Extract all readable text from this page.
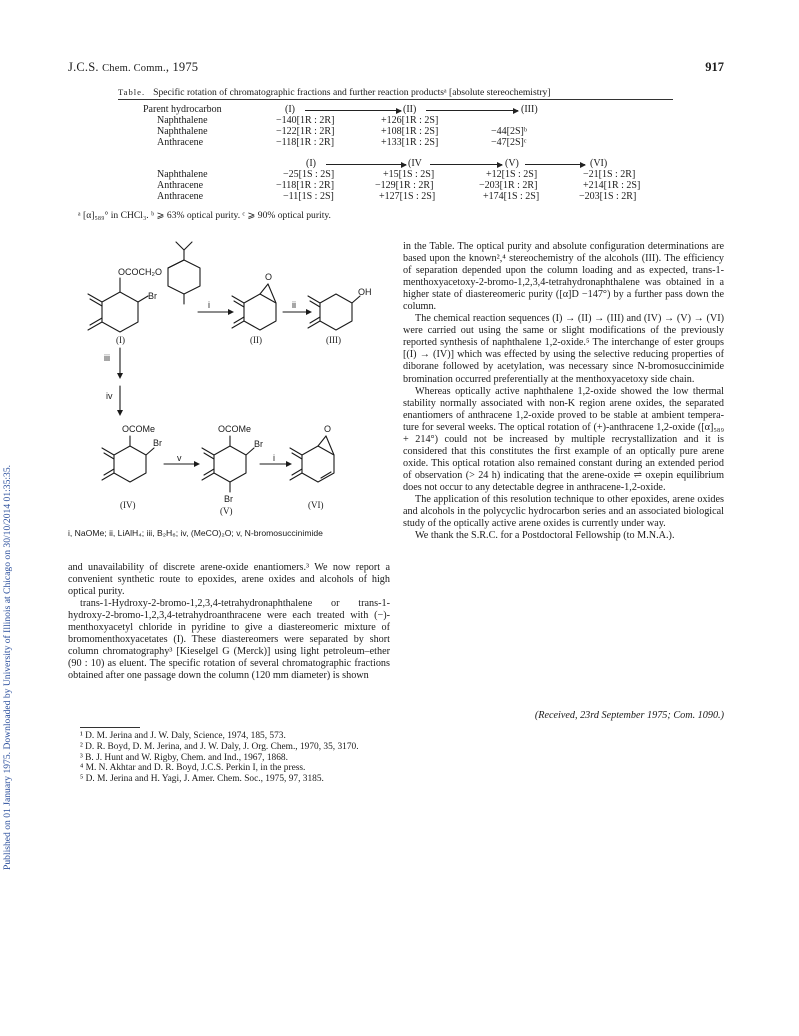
Published on 01 January 1975. Downloaded by University of Illinois at Chicago on 30/10/2014 01:35:35.
J.C.S. Chem. Comm., 1975	917
Table. Specific rotation of chromatographic fractions and further reaction productsᵃ [absolute stereochemistry]
Parent hydrocarbon	(I)	(II)	(III)
Naphthalene	−140[1R : 2R]	+126[1R : 2S]
Naphthalene	−122[1R : 2R]	+108[1R : 2S]	−44[2S]ᵇ
Anthracene	−118[1R : 2R]	+133[1R : 2S]	−47[2S]ᶜ
(I)	(IV	(V)	(VI)
Naphthalene	−25[1S : 2S]	+15[1S : 2S]	+12[1S : 2S]	−21[1S : 2R]
Anthracene	−118[1R : 2R]	−129[1R : 2R]	−203[1R : 2R]	+214[1R : 2S]
Anthracene	−11[1S : 2S]	+127[1S : 2S]	+174[1S : 2S]	−203[1S : 2R]
ᵃ [α]₅₈₉° in CHCl₃. ᵇ ⩾ 63% optical purity. ᶜ ⩾ 90% optical purity.
OCOCH₂O
Br
O
OH
i	ii
iii
iv
OCOMe
Br
OCOMe
Br
Br
v	i
O
(I)	(II)	(III)
(IV)
(V)
(VI)
i, NaOMe; ii, LiAlH₄; iii, B₂H₆; iv, (MeCO)₂O; v, N-bromosuccinimide

and unavailability of discrete arene-oxide enantiomers.³ We now report a convenient synthetic route to epoxides, arene oxides and alcohols of high optical purity.

trans-1-Hydroxy-2-bromo-1,2,3,4-tetrahydronaphthalene or trans-1-hydroxy-2-bromo-1,2,3,4-tetrahydroanthracene were each treated with (−)-menthoxyacetyl chloride in pyridine to give a diastereomeric mixture of bromomenthoxyacetates (I). These diastereomers were separated by short column chromatography³ [Kieselgel G (Merck)] using light petroleum–ether (90 : 10) as eluent. The specific rotation of several chromatographic fractions obtained after one passage down the column (120 mm diameter) is shown

in the Table. The optical purity and absolute configuration determinations are based upon the known²,⁴ stereochemistry of the alcohols (III). The efficiency of separation depended upon the column loading and as expected, trans-1-menthoxyacetoxy-2-bromo-1,2,3,4-tetrahydronaphthalene was obtained in a higher state of diastereomeric purity ([α]D −147°) by a further pass down the column.

The chemical reaction sequences (I) → (II) → (III) and (IV) → (V) → (VI) were carried out using the same or slight modifications of the previously reported synthesis of naphthalene 1,2-oxide.⁵ The interchange of ester groups [(I) → (IV)] which was effected by using the selective reducing properties of diborane followed by acetylation, was necessary since N-bromosuccinimide bromination occurred preferentially at the menthoxyacetoxy side chain.

Whereas optically active naphthalene 1,2-oxide showed the low thermal stability normally associated with non-K region arene oxides, the separated enantiomers of anthracene 1,2-oxide proved to be stable at ambient temperature for several weeks. The optical rotation of (+)-anthracene 1,2-oxide ([α]₅₈₉ + 214°) could not be increased by multiple recrystallization and it is considered that this constitutes the first example of an optically pure arene oxide. This optical rotation also remained constant during an extended period of observation (> 24 h) indicating that the arene-oxide ⇌ oxepin equilibrium does not occur to any detectable degree in anthracene-1,2-oxide.

The application of this resolution technique to other epoxides, arene oxides and alcohols in the polycyclic hydrocarbon series and an associated biological study of the optically active arene oxides is currently under way.

We thank the S.R.C. for a Postdoctoral Fellowship (to M.N.A.).

(Received, 23rd September 1975; Com. 1090.)
¹ D. M. Jerina and J. W. Daly, Science, 1974, 185, 573.
² D. R. Boyd, D. M. Jerina, and J. W. Daly, J. Org. Chem., 1970, 35, 3170.
³ B. J. Hunt and W. Rigby, Chem. and Ind., 1967, 1868.
⁴ M. N. Akhtar and D. R. Boyd, J.C.S. Perkin I, in the press.
⁵ D. M. Jerina and H. Yagi, J. Amer. Chem. Soc., 1975, 97, 3185.
